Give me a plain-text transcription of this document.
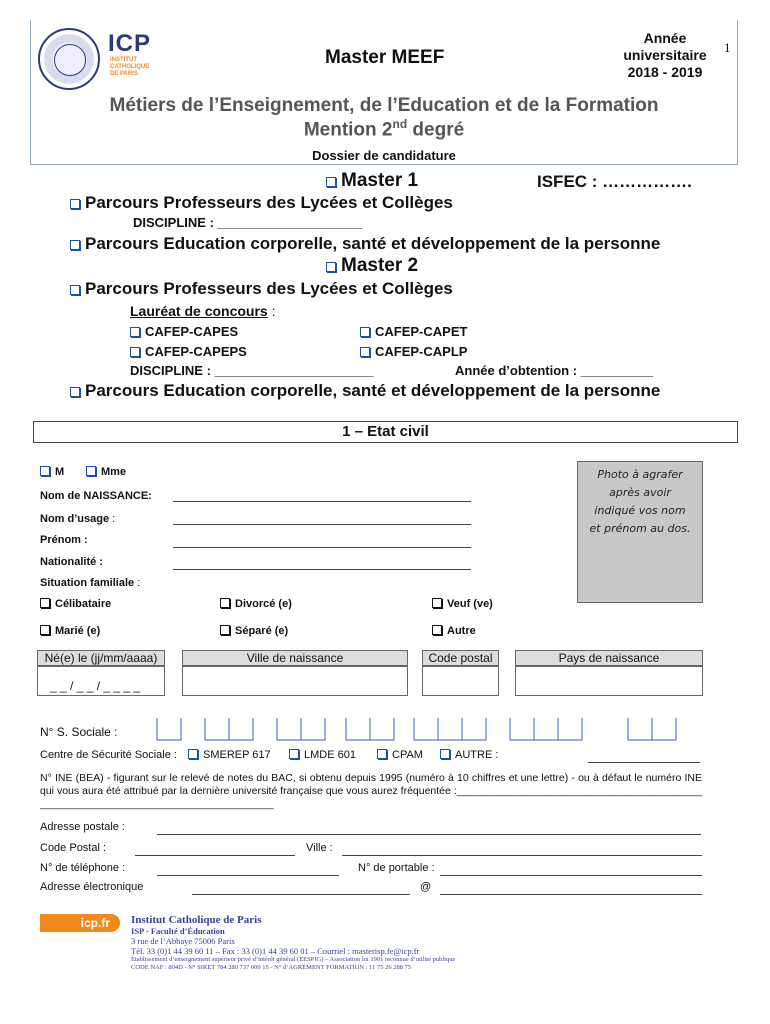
ICP
INSTITUT
CATHOLIQUE
DE PARIS
Master MEEF
Année
universitaire
2018 - 2019
1
Métiers de l’Enseignement, de l’Education et de la Formation
Mention 2nd degré
Dossier de candidature
Master 1	ISFEC : …………….
Parcours Professeurs des Lycées et Collèges
DISCIPLINE : ____________________
Parcours Education corporelle, santé et développement de la personne
Master 2
Parcours Professeurs des Lycées et Collèges
Lauréat de concours :
CAFEP-CAPES	CAFEP-CAPET
CAFEP-CAPEPS	CAFEP-CAPLP
DISCIPLINE : ______________________	Année d’obtention : __________
Parcours Education corporelle, santé et développement de la personne
1 – Etat civil
M	Mme
Nom de NAISSANCE:
Nom d’usage :
Prénom :
Nationalité :
Situation familiale :
Photo à agrafer
après avoir
indiqué vos nom
et prénom au dos.
Célibataire	Divorcé (e)	Veuf (ve)
Marié (e)	Séparé (e)	Autre
Né(e) le (jj/mm/aaaa)	Ville de naissance	Code postal	Pays de naissance
_ _ / _ _ / _ _ _ _
N° S. Sociale :
Centre de Sécurité Sociale :	SMEREP 617	LMDE 601	CPAM	AUTRE :
N° INE (BEA) - figurant sur le relevé de notes du BAC, si obtenu depuis 1995 (numéro à 10 chiffres et une lettre) - ou à défaut le numéro INE qui vous aura été attribué par la dernière université française que vous aurez fréquentée :__________________________________________________________________________________
Adresse postale :
Code Postal :	Ville :
N° de téléphone :	N° de portable :
Adresse électronique	@
icp.fr	Institut Catholique de Paris
ISP - Faculté d’Éducation
3 rue de l’Abbaye 75006 Paris
Tél. 33 (0)1 44 39 60 11 – Fax : 33 (0)1 44 39 60 01 – Courriel : masterisp.fe@icp.fr
Établissement d’enseignement supérieur privé d’intérêt général (EESPIG) – Association loi 1901 reconnue d’utilité publique
CODE NAF : 804D - N° SIRET 784 280 737 000 15 - N° d’AGRÉMENT FORMATION : 11 75 26 288 75
